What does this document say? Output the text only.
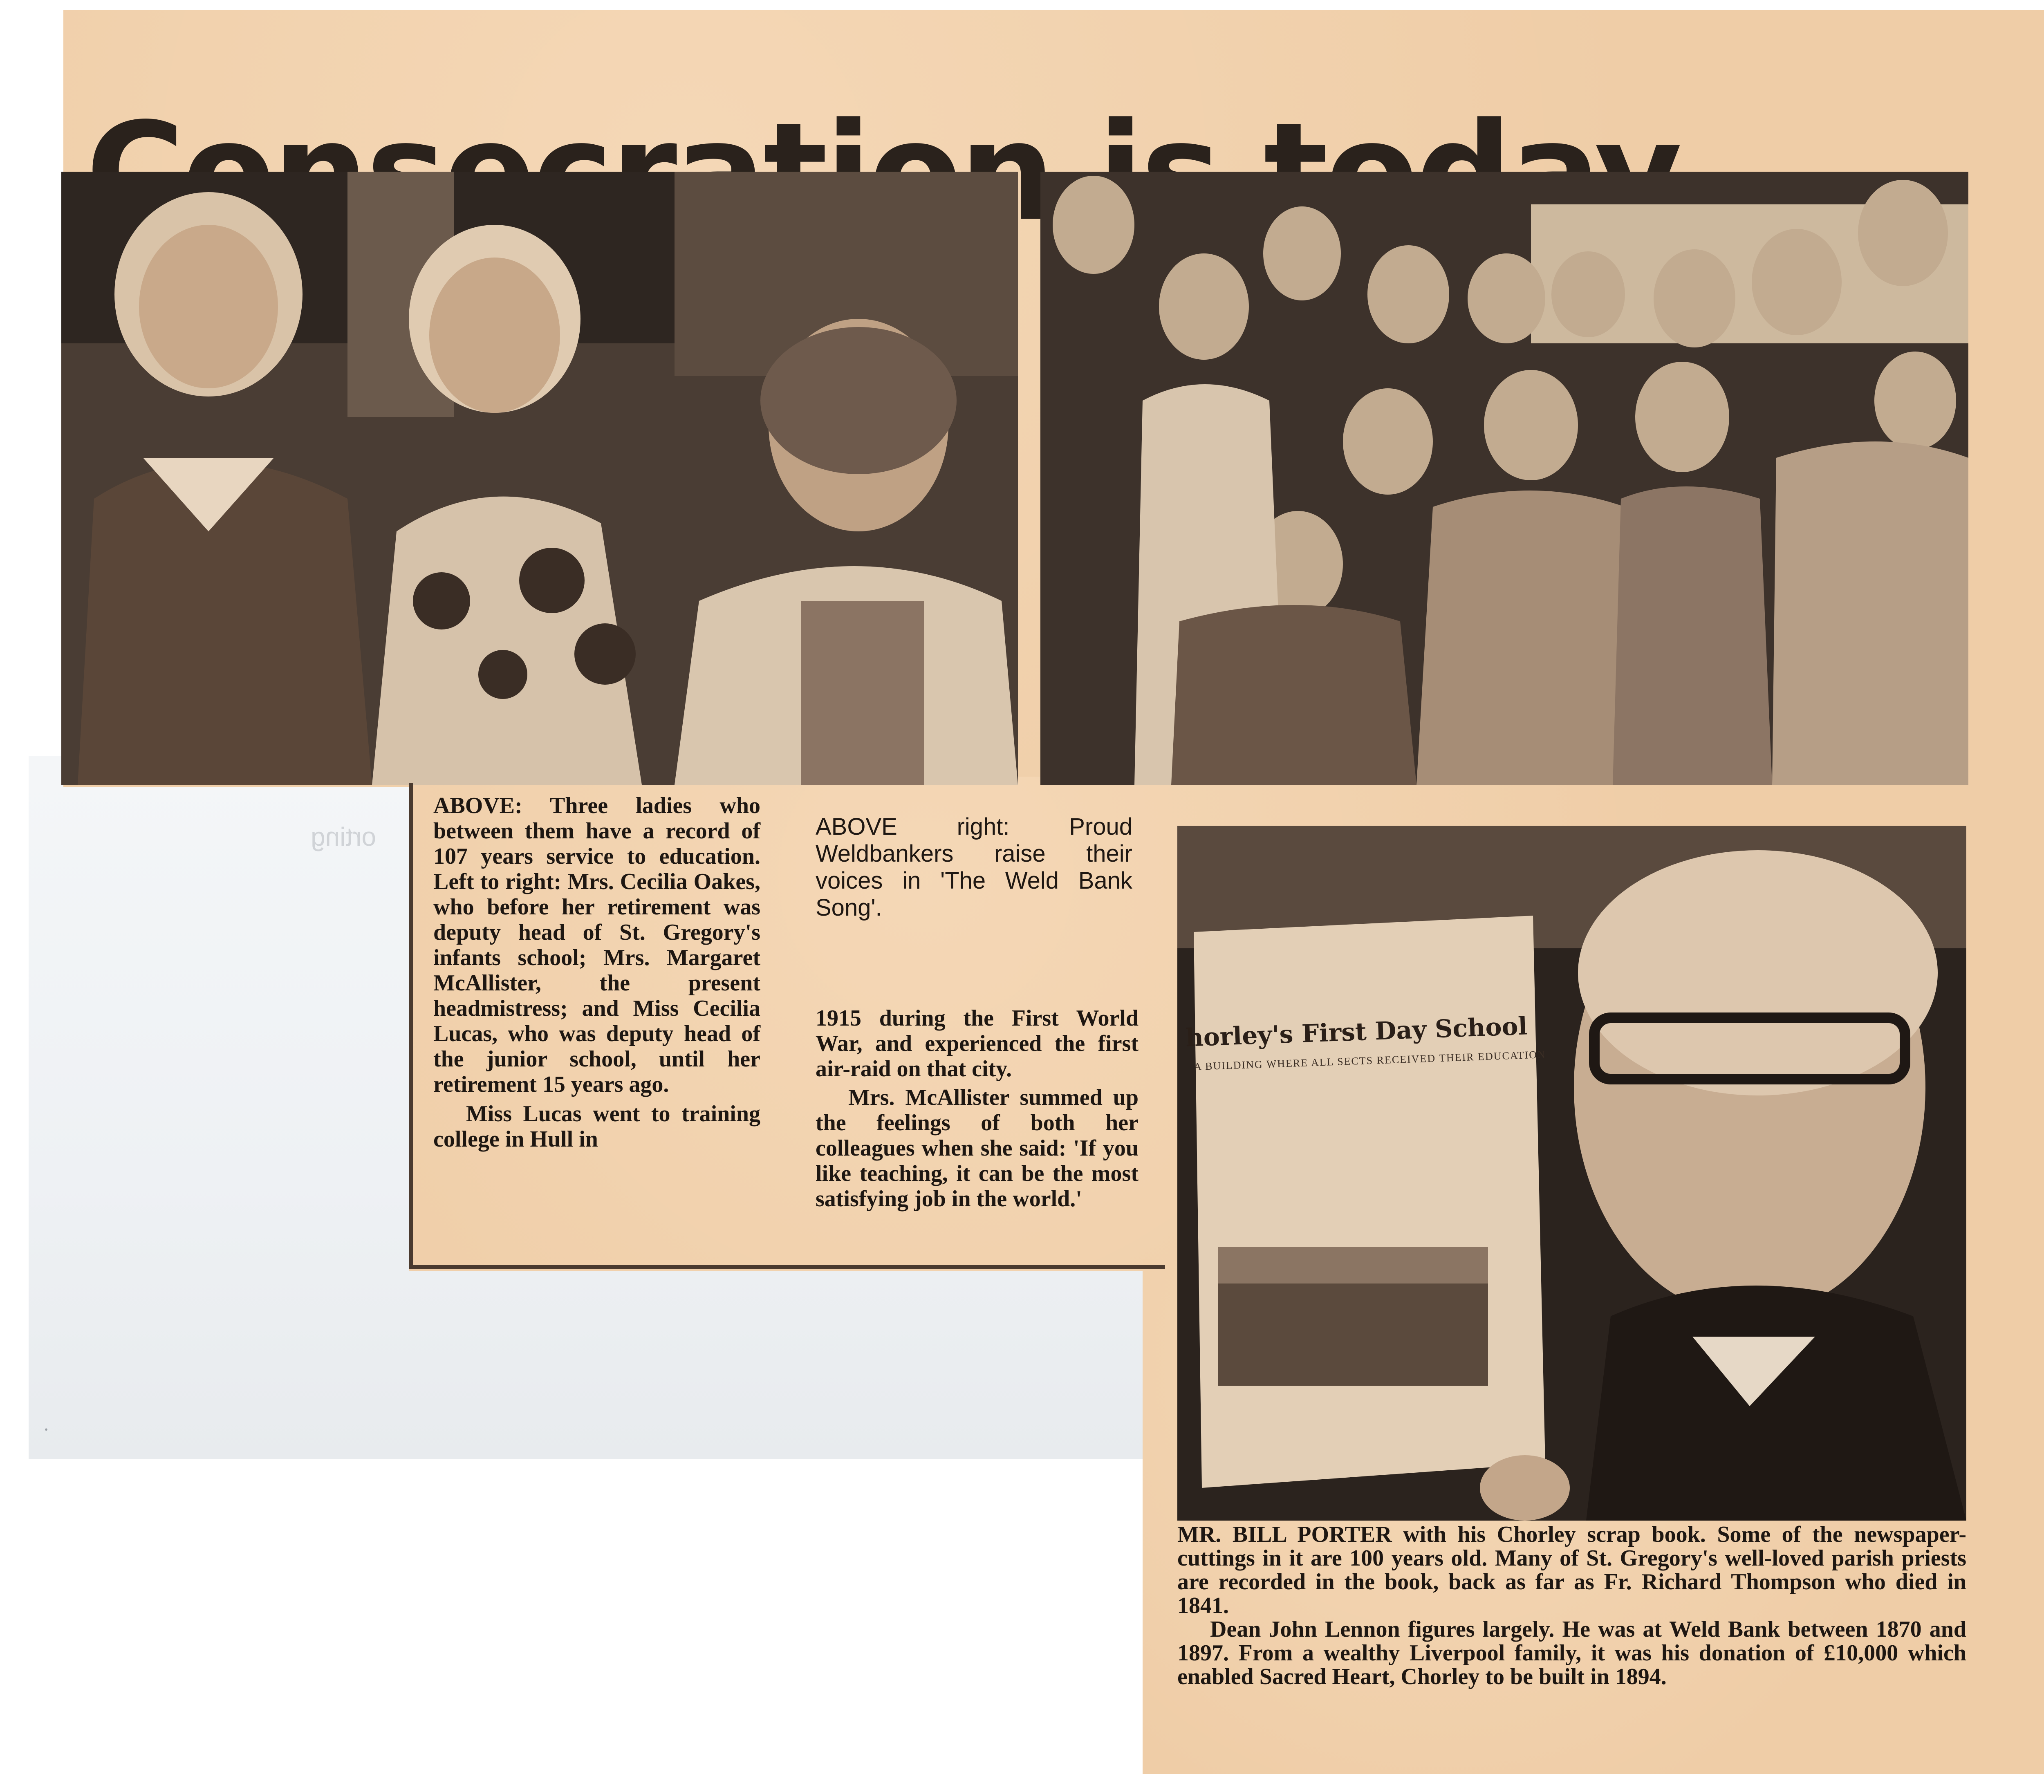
orting
·

ABOVE: Three ladies who between them have a record of 107 years service to education. Left to right: Mrs. Cecilia Oakes, who before her retirement was deputy head of St. Gregory's infants school; Mrs. Margaret McAllister, the present headmistress; and Miss Cecilia Lucas, who was deputy head of the junior school, until her retirement 15 years ago.

Miss Lucas went to training college in Hull in

ABOVE right: Proud Weldbankers raise their voices in 'The Weld Bank Song'.

1915 during the First World War, and experienced the first air-raid on that city.

Mrs. McAllister summed up the feelings of both her colleagues when she said: 'If you like teaching, it can be the most satisfying job in the world.'

horley's First Day School
A BUILDING WHERE ALL SECTS RECEIVED THEIR EDUCATION

MR. BILL PORTER with his Chorley scrap book. Some of the newspaper-cuttings in it are 100 years old. Many of St. Gregory's well-loved parish priests are recorded in the book, back as far as Fr. Richard Thompson who died in 1841.

Dean John Lennon figures largely. He was at Weld Bank between 1870 and 1897. From a wealthy Liverpool family, it was his donation of £10,000 which enabled Sacred Heart, Chorley to be built in 1894.
